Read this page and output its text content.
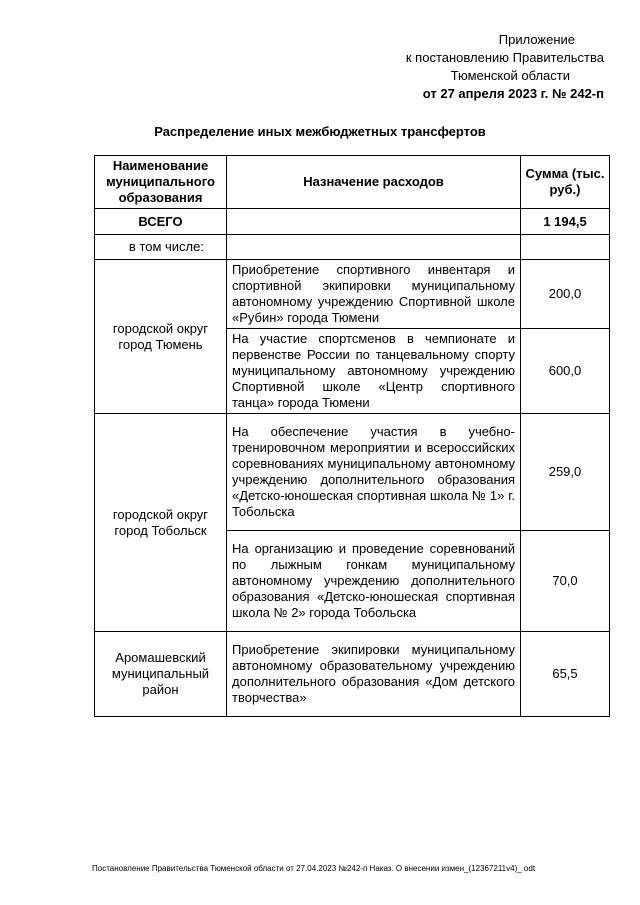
Приложение
к постановлению Правительства
Тюменской области
от 27 апреля 2023 г. № 242-п
Распределение иных межбюджетных трансфертов
Наименование муниципального образования	Назначение расходов	Сумма (тыс. руб.)
ВСЕГО		1 194,5
в том числе:		
городской округ город Тюмень	Приобретение спортивного инвентаря и спортивной экипировки муниципальному автономному учреждению Спортивной школе «Рубин» города Тюмени	200,0
	На участие спортсменов в чемпионате и первенстве России по танцевальному спорту муниципальному автономному учреждению Спортивной школе «Центр спортивного танца» города Тюмени	600,0
городской округ город Тобольск	На обеспечение участия в учебно-тренировочном мероприятии и всероссийских соревнованиях муниципальному автономному учреждению дополнительного образования «Детско-юношеская спортивная школа № 1» г. Тобольска	259,0
	На организацию и проведение соревнований по лыжным гонкам муниципальному автономному учреждению дополнительного образования «Детско-юношеская спортивная школа № 2» города Тобольска	70,0
Аромашевский муниципальный район	Приобретение экипировки муниципальному автономному образовательному учреждению дополнительного образования «Дом детского творчества»	65,5
Постановление Правительства Тюменской области от 27.04.2023 №242-п Наказ. О внесении измен_(12367211v4)_ odt
